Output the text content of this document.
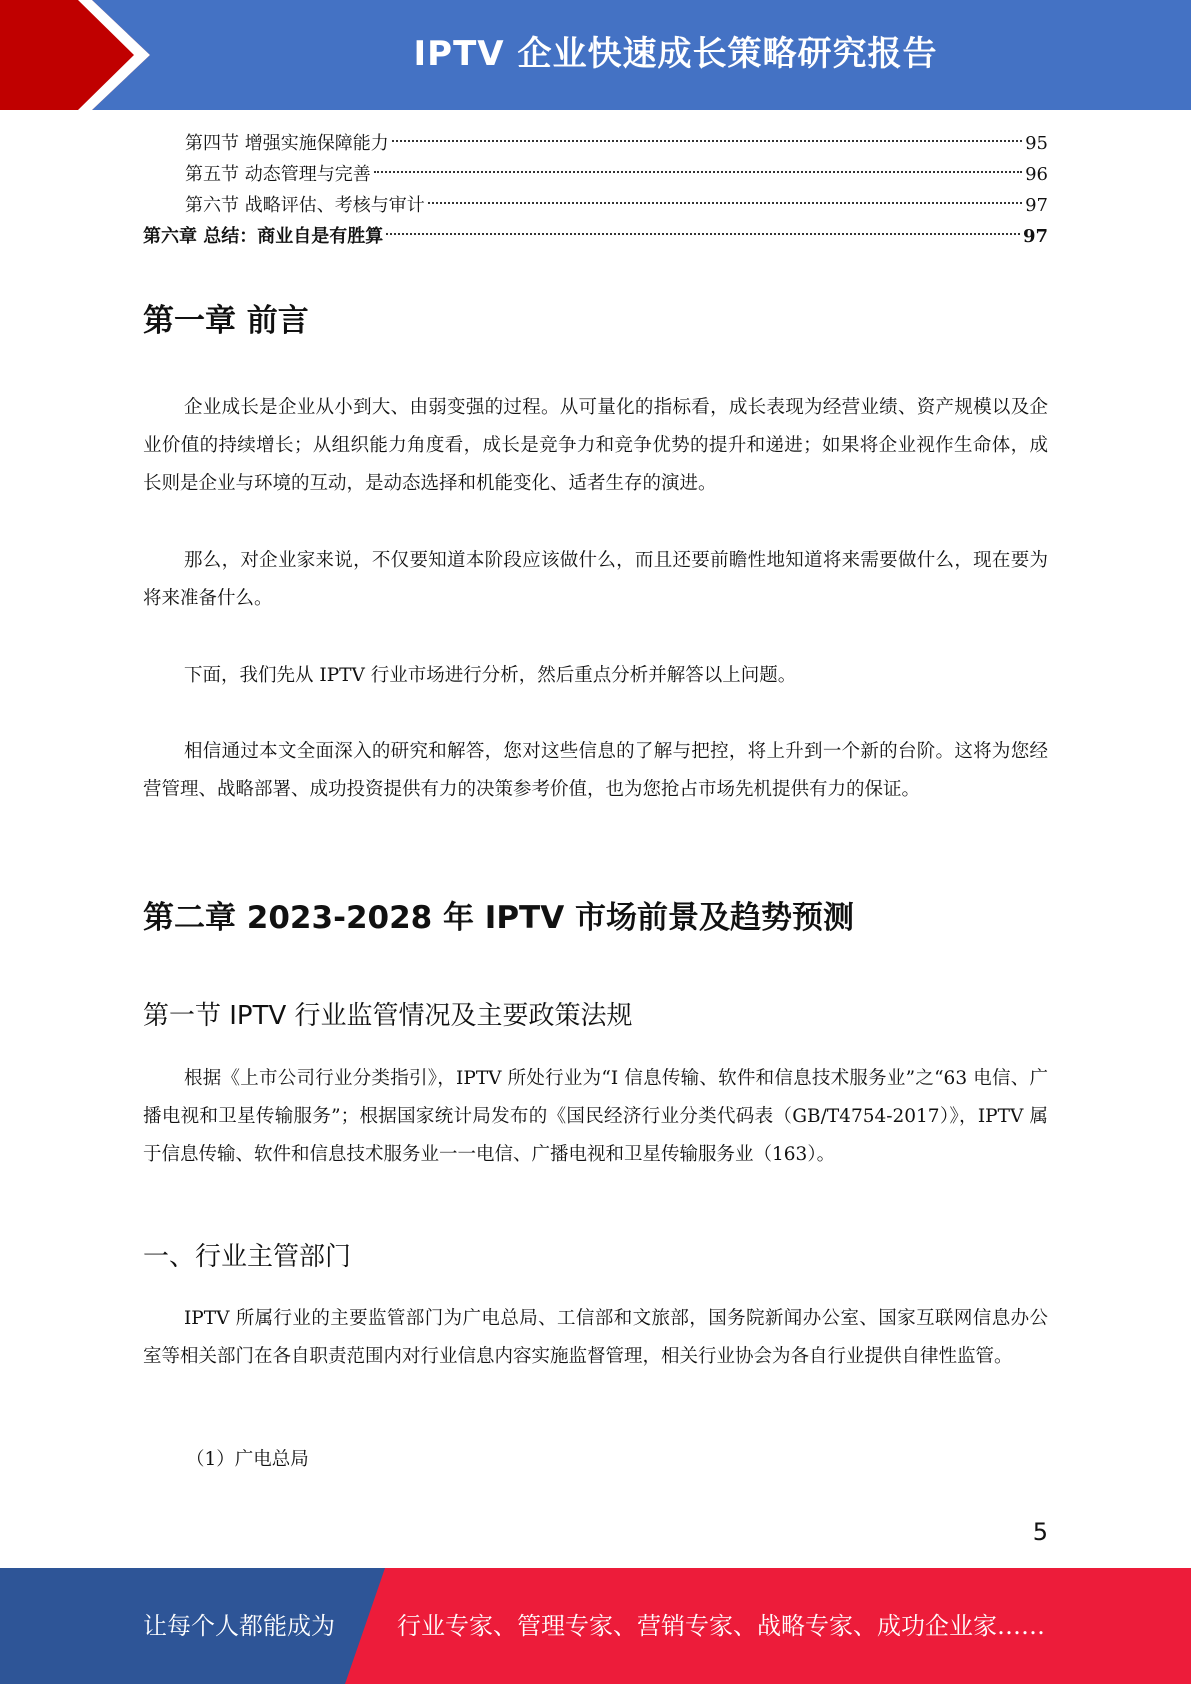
IPTV 企业快速成长策略研究报告
第四节 增强实施保障能力	95
第五节 动态管理与完善	96
第六节 战略评估、考核与审计	97
第六章 总结：商业自是有胜算	97
第一章 前言
企业成长是企业从小到大、由弱变强的过程。从可量化的指标看，成长表现为经营业绩、资产规模以及企业价值的持续增长；从组织能力角度看，成长是竞争力和竞争优势的提升和递进；如果将企业视作生命体，成长则是企业与环境的互动，是动态选择和机能变化、适者生存的演进。
那么，对企业家来说，不仅要知道本阶段应该做什么，而且还要前瞻性地知道将来需要做什么，现在要为将来准备什么。
下面，我们先从 IPTV 行业市场进行分析，然后重点分析并解答以上问题。
相信通过本文全面深入的研究和解答，您对这些信息的了解与把控，将上升到一个新的台阶。这将为您经营管理、战略部署、成功投资提供有力的决策参考价值，也为您抢占市场先机提供有力的保证。
第二章 2023-2028 年 IPTV 市场前景及趋势预测
第一节 IPTV 行业监管情况及主要政策法规
根据《上市公司行业分类指引》，IPTV 所处行业为“I 信息传输、软件和信息技术服务业”之“63 电信、广播电视和卫星传输服务”；根据国家统计局发布的《国民经济行业分类代码表（GB/T4754-2017）》，IPTV 属于信息传输、软件和信息技术服务业一一电信、广播电视和卫星传输服务业（163）。
一、行业主管部门
IPTV 所属行业的主要监管部门为广电总局、工信部和文旅部，国务院新闻办公室、国家互联网信息办公室等相关部门在各自职责范围内对行业信息内容实施监督管理，相关行业协会为各自行业提供自律性监管。
（1）广电总局
5
让每个人都能成为	行业专家、管理专家、营销专家、战略专家、成功企业家……
